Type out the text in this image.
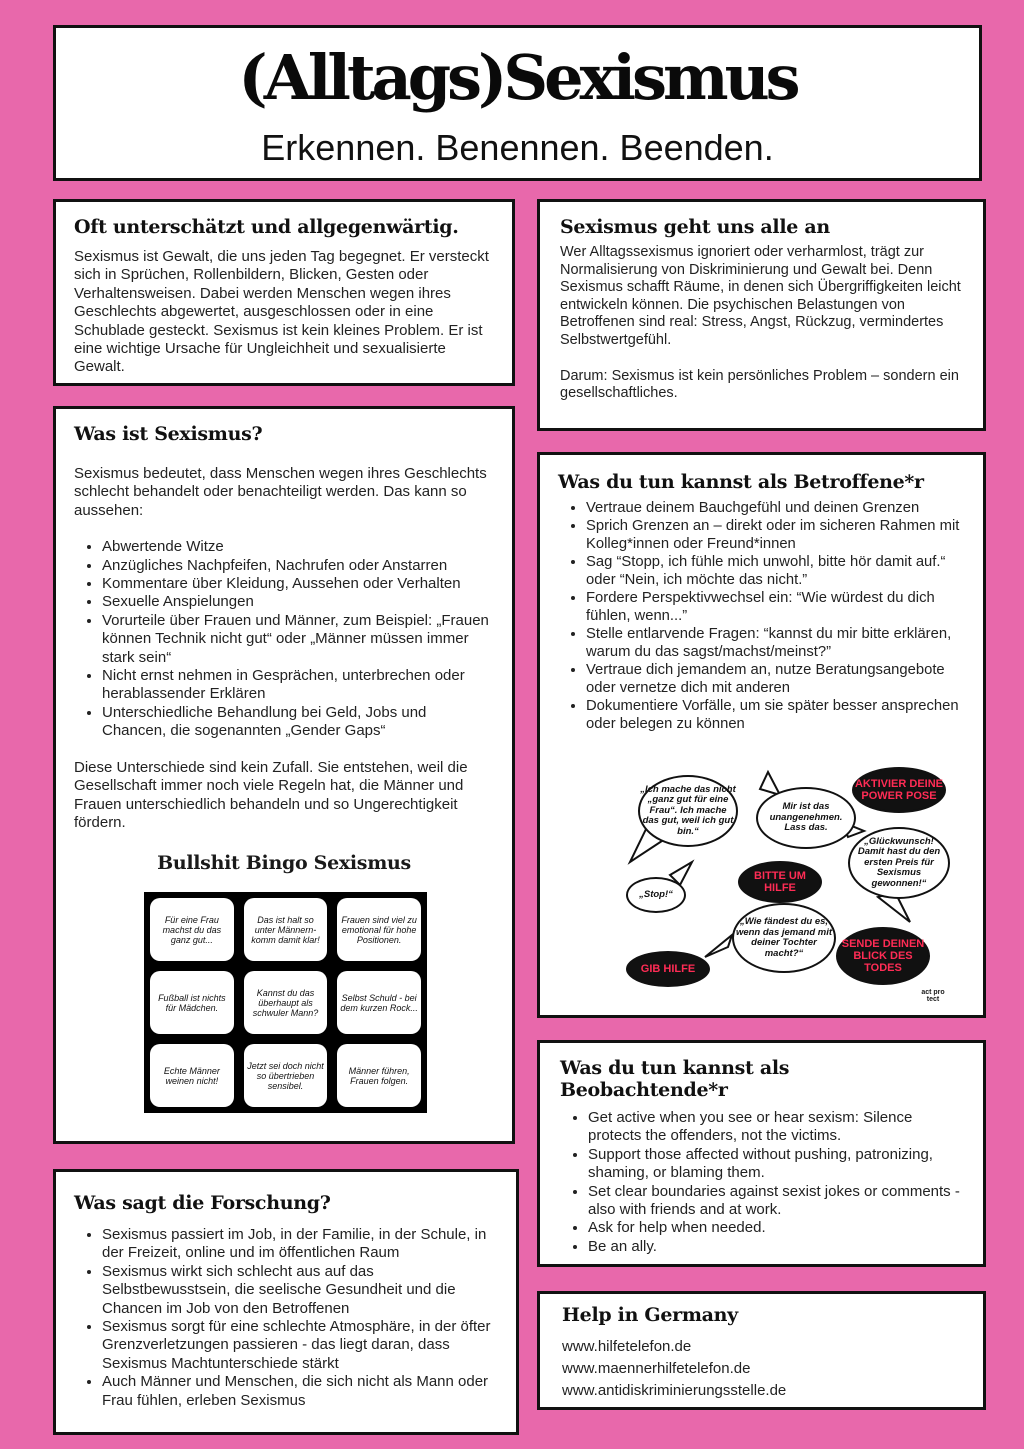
(Alltags)Sexismus
Erkennen. Benennen. Beenden.
Oft unterschätzt und allgegenwärtig.

Sexismus ist Gewalt, die uns jeden Tag begegnet. Er versteckt sich in Sprüchen, Rollenbildern, Blicken, Gesten oder Verhaltensweisen. Dabei werden Menschen wegen ihres Geschlechts abgewertet, ausgeschlossen oder in eine Schublade gesteckt. Sexismus ist kein kleines Problem. Er ist eine wichtige Ursache für Ungleichheit und sexualisierte Gewalt.

Sexismus geht uns alle an

Wer Alltagssexismus ignoriert oder verharmlost, trägt zur Normalisierung von Diskriminierung und Gewalt bei. Denn Sexismus schafft Räume, in denen sich Übergriffigkeiten leicht entwickeln können. Die psychischen Belastungen von Betroffenen sind real: Stress, Angst, Rückzug, vermindertes Selbstwertgefühl.

Darum: Sexismus ist kein persönliches Problem – sondern ein gesellschaftliches.

Was ist Sexismus?

Sexismus bedeutet, dass Menschen wegen ihres Geschlechts schlecht behandelt oder benachteiligt werden. Das kann so aussehen:

• Abwertende Witze
• Anzügliches Nachpfeifen, Nachrufen oder Anstarren
• Kommentare über Kleidung, Aussehen oder Verhalten
• Sexuelle Anspielungen
• Vorurteile über Frauen und Männer, zum Beispiel: „Frauen können Technik nicht gut“ oder „Männer müssen immer stark sein“
• Nicht ernst nehmen in Gesprächen, unterbrechen oder herablassender Erklären
• Unterschiedliche Behandlung bei Geld, Jobs und Chancen, die sogenannten „Gender Gaps“

Diese Unterschiede sind kein Zufall. Sie entstehen, weil die Gesellschaft immer noch viele Regeln hat, die Männer und Frauen unterschiedlich behandeln und so Ungerechtigkeit fördern.

Bullshit Bingo Sexismus
Für eine Frau machst du das ganz gut...
Das ist halt so unter Männern-komm damit klar!
Frauen sind viel zu emotional für hohe Positionen.
Fußball ist nichts für Mädchen.
Kannst du das überhaupt als schwuler Mann?
Selbst Schuld - bei dem kurzen Rock...
Echte Männer weinen nicht!
Jetzt sei doch nicht so übertrieben sensibel.
Männer führen, Frauen folgen.
Was du tun kannst als Betroffene*r
• Vertraue deinem Bauchgefühl und deinen Grenzen
• Sprich Grenzen an – direkt oder im sicheren Rahmen mit Kolleg*innen oder Freund*innen
• Sag “Stopp, ich fühle mich unwohl, bitte hör damit auf.“ oder “Nein, ich möchte das nicht.”
• Fordere Perspektivwechsel ein: “Wie würdest du dich fühlen, wenn...”
• Stelle entlarvende Fragen: “kannst du mir bitte erklären, warum du das sagst/machst/meinst?”
• Vertraue dich jemandem an, nutze Beratungsangebote oder vernetze dich mit anderen
• Dokumentiere Vorfälle, um sie später besser ansprechen oder belegen zu können
„Ich mache das nicht „ganz gut für eine Frau“. Ich mache das gut, weil ich gut bin.“
Mir ist das unangenehmen. Lass das.
AKTIVIER DEINE POWER POSE
„Glückwunsch! Damit hast du den ersten Preis für Sexismus gewonnen!“
BITTE UM HILFE
„Stop!“
„Wie fändest du es, wenn das jemand mit deiner Tochter macht?“
GIB HILFE
SENDE DEINEN BLICK DES TODES
act pro tect
Was du tun kannst als Beobachtende*r
• Get active when you see or hear sexism: Silence protects the offenders, not the victims.
• Support those affected without pushing, patronizing, shaming, or blaming them.
• Set clear boundaries against sexist jokes or comments - also with friends and at work.
• Ask for help when needed.
• Be an ally.
Was sagt die Forschung?
• Sexismus passiert im Job, in der Familie, in der Schule, in der Freizeit, online und im öffentlichen Raum
• Sexismus wirkt sich schlecht aus auf das Selbstbewusstsein, die seelische Gesundheit und die Chancen im Job von den Betroffenen
• Sexismus sorgt für eine schlechte Atmosphäre, in der öfter Grenzverletzungen passieren - das liegt daran, dass Sexismus Machtunterschiede stärkt
• Auch Männer und Menschen, die sich nicht als Mann oder Frau fühlen, erleben Sexismus
Help in Germany

www.hilfetelefon.de

www.maennerhilfetelefon.de

www.antidiskriminierungsstelle.de
